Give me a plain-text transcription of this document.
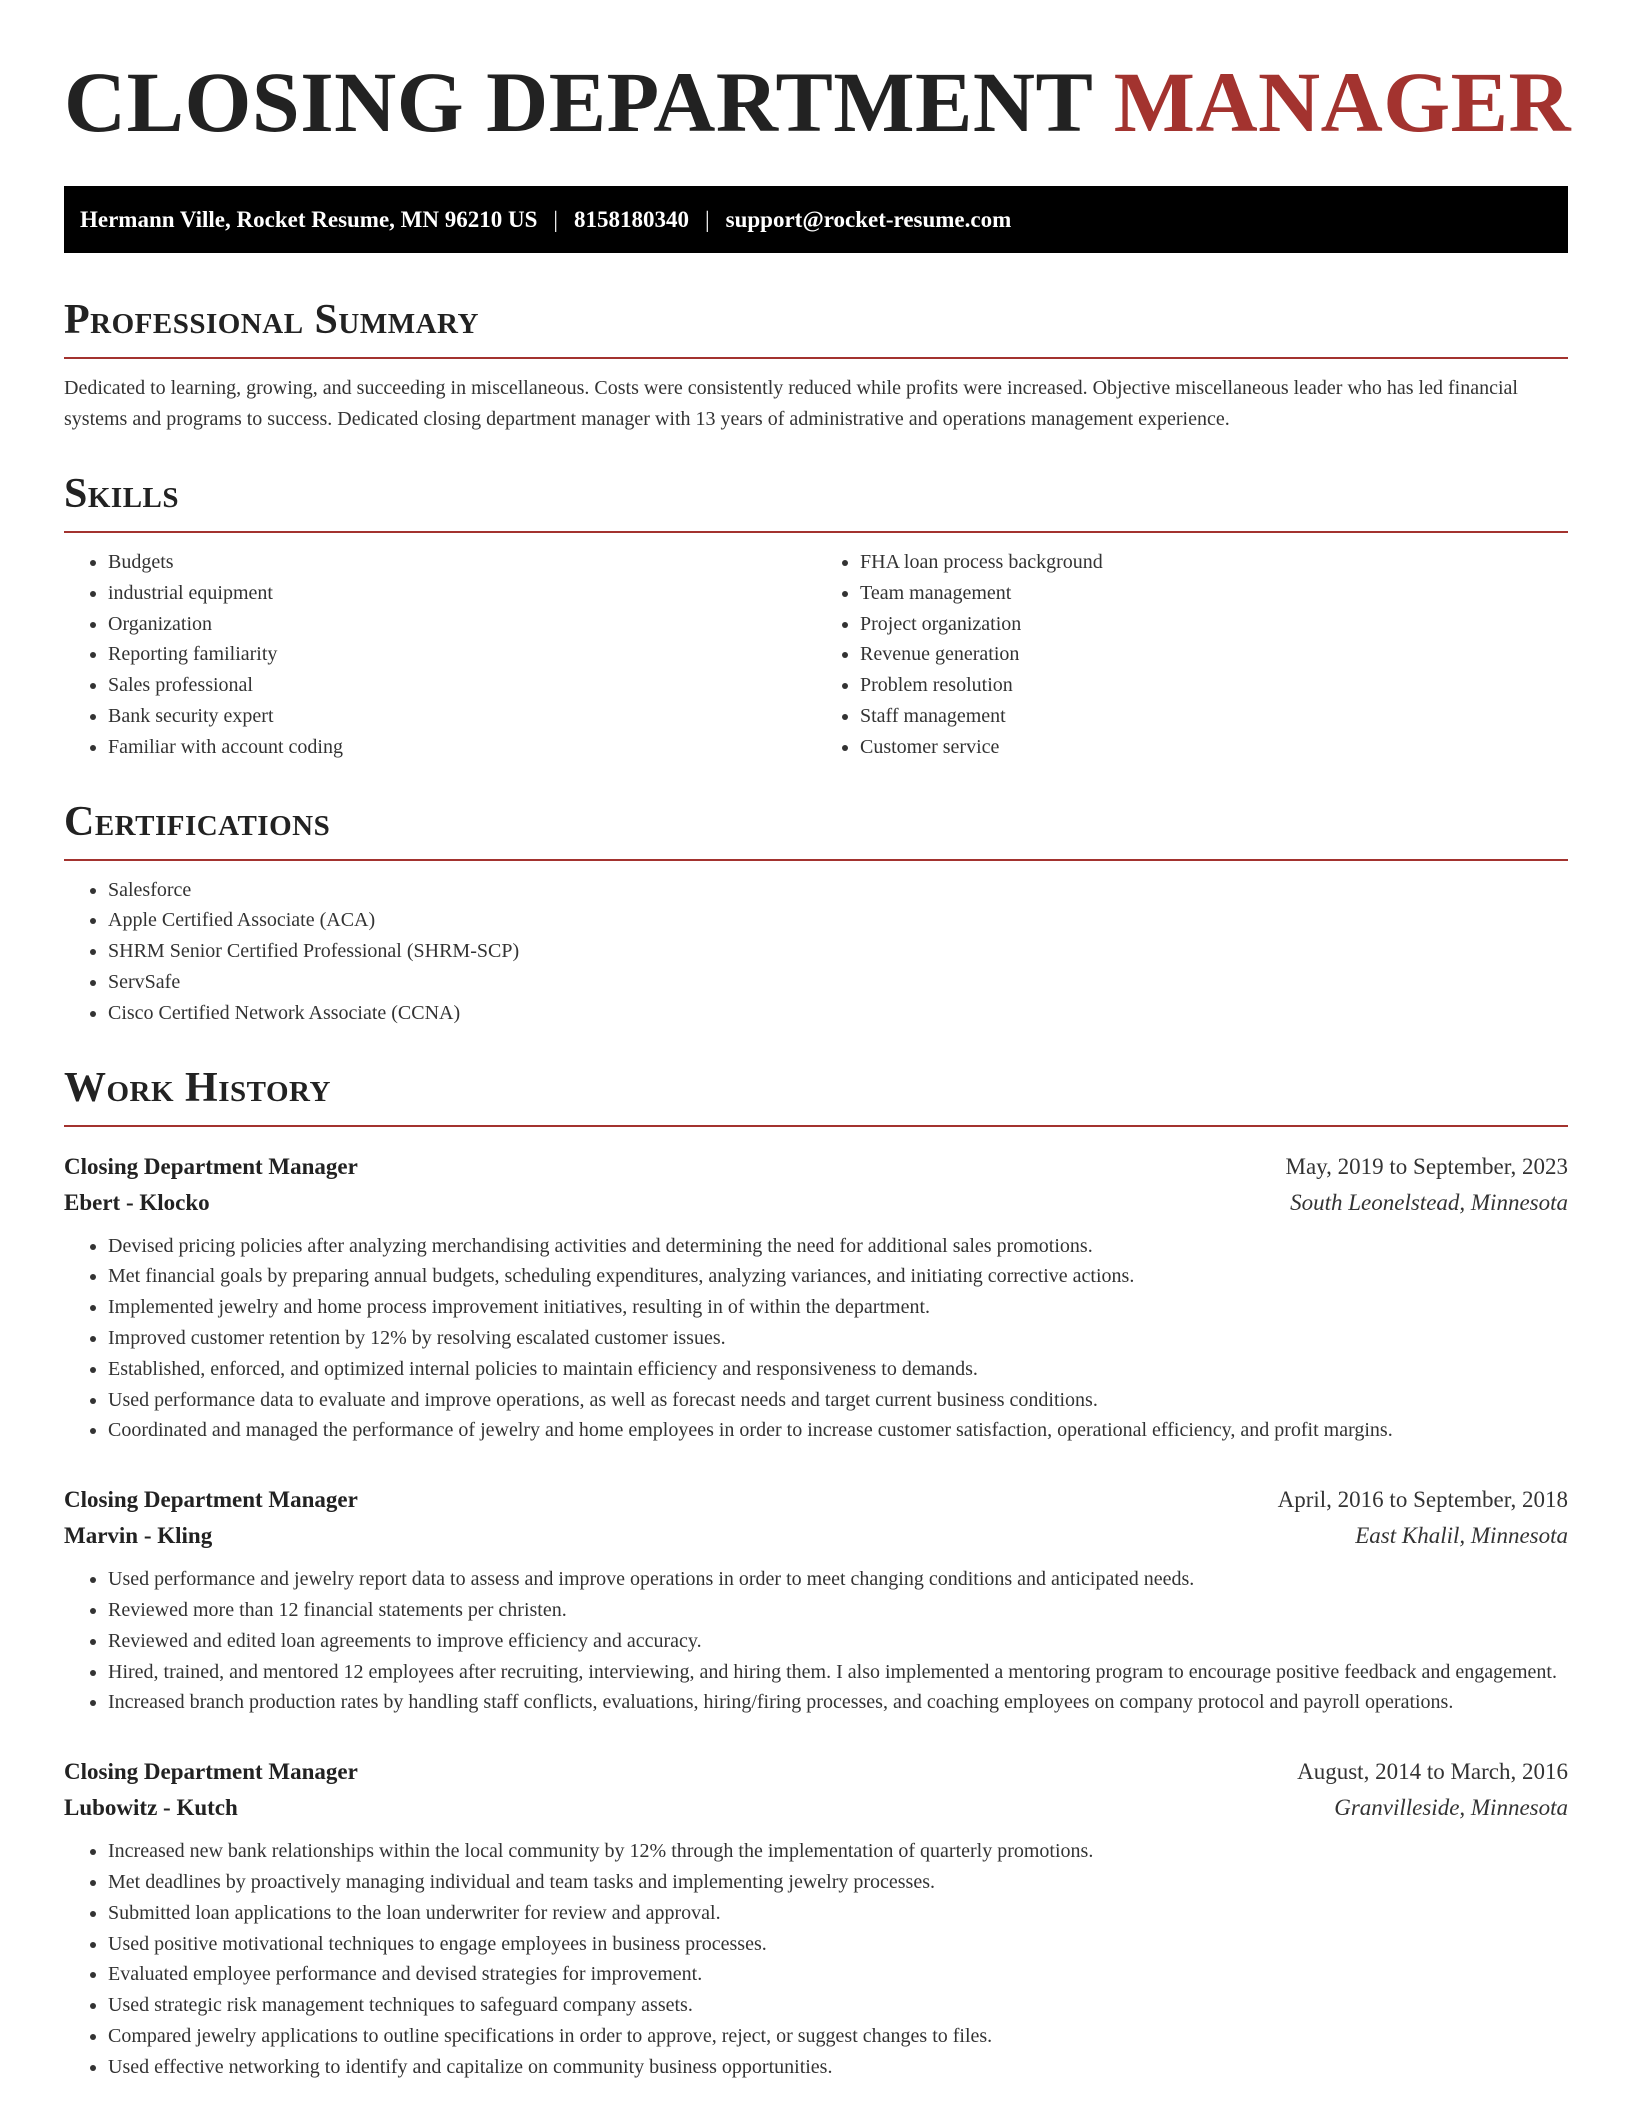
CLOSING DEPARTMENT MANAGER
Hermann Ville, Rocket Resume, MN 96210 US | 8158180340 | support@rocket-resume.com
Professional Summary

Dedicated to learning, growing, and succeeding in miscellaneous. Costs were consistently reduced while profits were increased. Objective miscellaneous leader who has led financial systems and programs to success. Dedicated closing department manager with 13 years of administrative and operations management experience.

Skills
• Budgets
• industrial equipment
• Organization
• Reporting familiarity
• Sales professional
• Bank security expert
• Familiar with account coding
• FHA loan process background
• Team management
• Project organization
• Revenue generation
• Problem resolution
• Staff management
• Customer service
Certifications
• Salesforce
• Apple Certified Associate (ACA)
• SHRM Senior Certified Professional (SHRM-SCP)
• ServSafe
• Cisco Certified Network Associate (CCNA)
Work History
Closing Department Manager	May, 2019 to September, 2023
Ebert - Klocko	South Leonelstead, Minnesota
• Devised pricing policies after analyzing merchandising activities and determining the need for additional sales promotions.
• Met financial goals by preparing annual budgets, scheduling expenditures, analyzing variances, and initiating corrective actions.
• Implemented jewelry and home process improvement initiatives, resulting in of within the department.
• Improved customer retention by 12% by resolving escalated customer issues.
• Established, enforced, and optimized internal policies to maintain efficiency and responsiveness to demands.
• Used performance data to evaluate and improve operations, as well as forecast needs and target current business conditions.
• Coordinated and managed the performance of jewelry and home employees in order to increase customer satisfaction, operational efficiency, and profit margins.
Closing Department Manager	April, 2016 to September, 2018
Marvin - Kling	East Khalil, Minnesota
• Used performance and jewelry report data to assess and improve operations in order to meet changing conditions and anticipated needs.
• Reviewed more than 12 financial statements per christen.
• Reviewed and edited loan agreements to improve efficiency and accuracy.
• Hired, trained, and mentored 12 employees after recruiting, interviewing, and hiring them. I also implemented a mentoring program to encourage positive feedback and engagement.
• Increased branch production rates by handling staff conflicts, evaluations, hiring/firing processes, and coaching employees on company protocol and payroll operations.
Closing Department Manager	August, 2014 to March, 2016
Lubowitz - Kutch	Granvilleside, Minnesota
• Increased new bank relationships within the local community by 12% through the implementation of quarterly promotions.
• Met deadlines by proactively managing individual and team tasks and implementing jewelry processes.
• Submitted loan applications to the loan underwriter for review and approval.
• Used positive motivational techniques to engage employees in business processes.
• Evaluated employee performance and devised strategies for improvement.
• Used strategic risk management techniques to safeguard company assets.
• Compared jewelry applications to outline specifications in order to approve, reject, or suggest changes to files.
• Used effective networking to identify and capitalize on community business opportunities.
